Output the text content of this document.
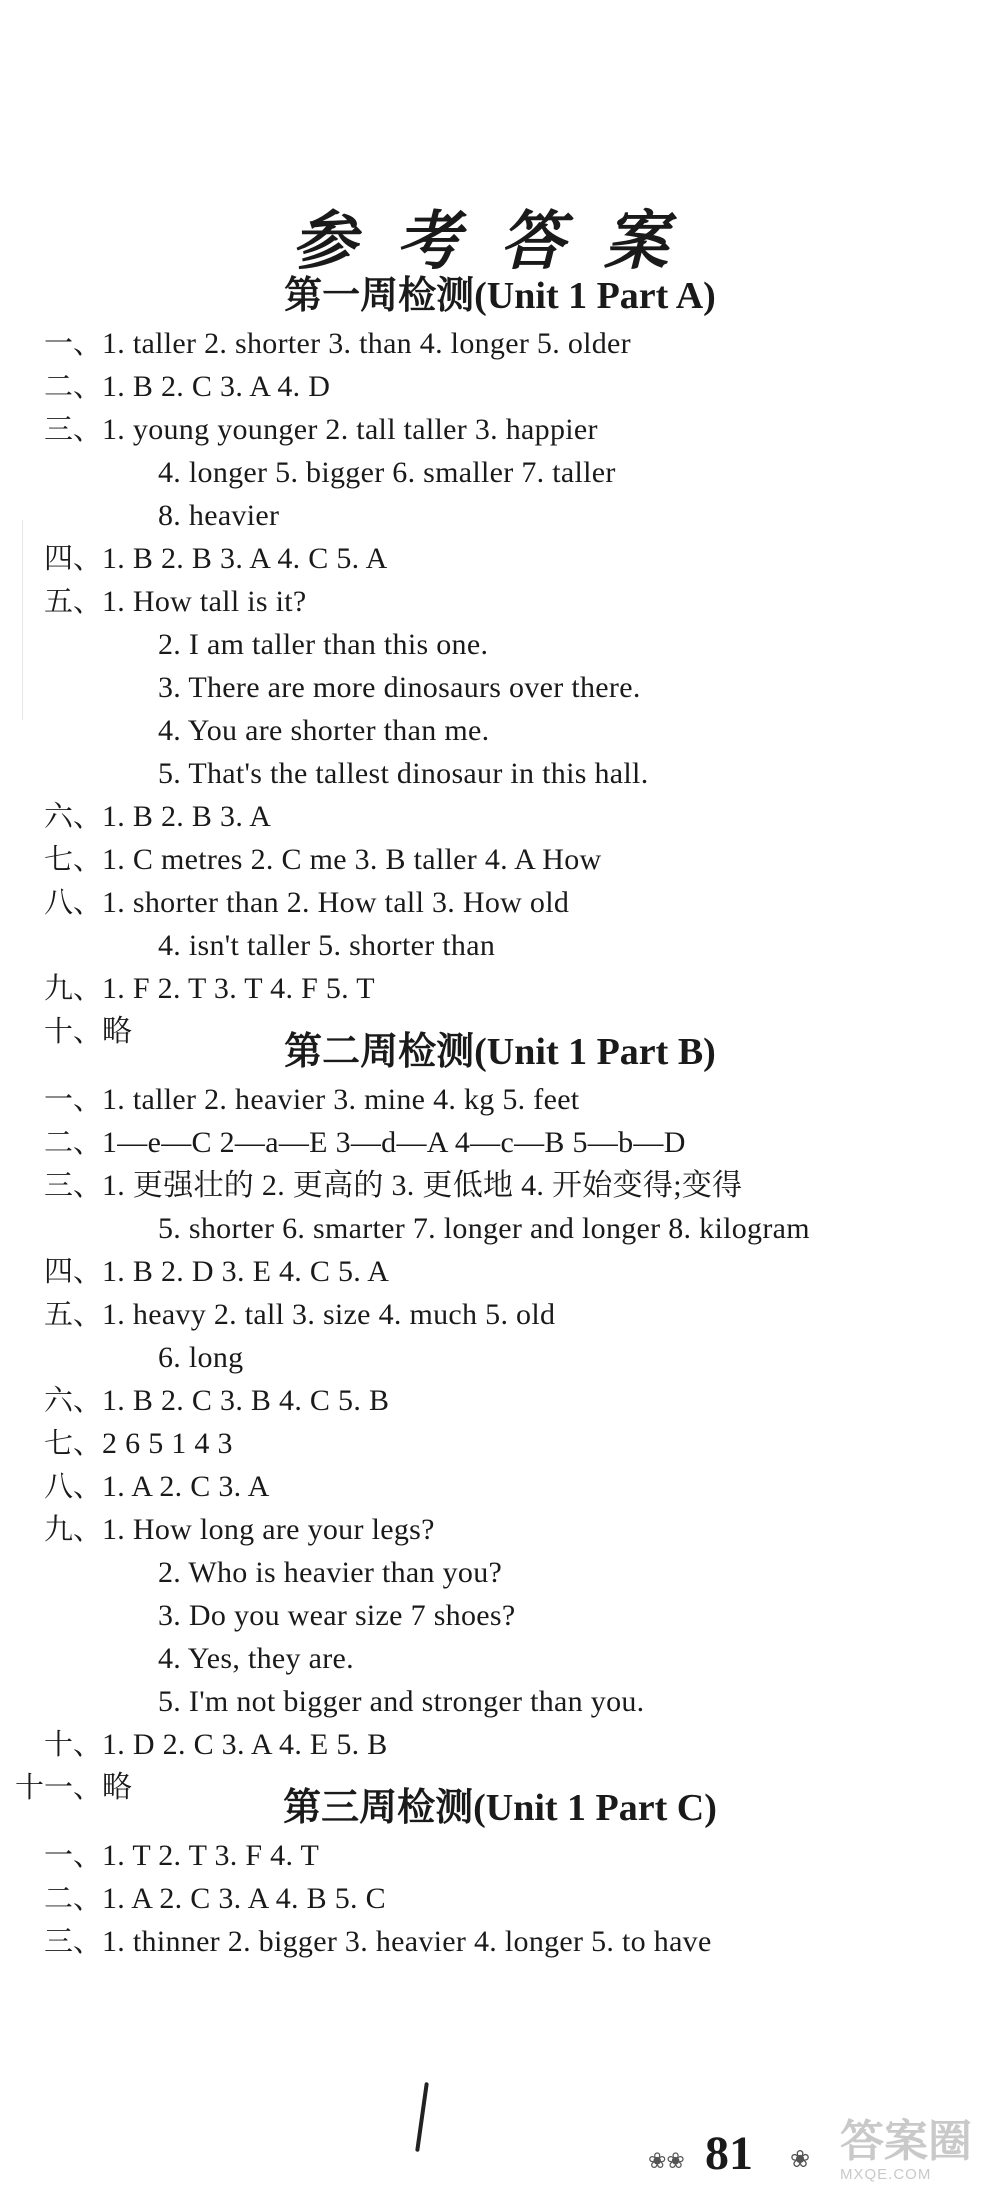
参考答案
第一周检测(Unit 1 Part A)
一、 1. taller 2. shorter 3. than 4. longer 5. older
二、 1. B 2. C 3. A 4. D
三、 1. young younger 2. tall taller 3. happier
4. longer 5. bigger 6. smaller 7. taller
8. heavier
四、 1. B 2. B 3. A 4. C 5. A
五、 1. How tall is it?
2. I am taller than this one.
3. There are more dinosaurs over there.
4. You are shorter than me.
5. That's the tallest dinosaur in this hall.
六、 1. B 2. B 3. A
七、 1. C metres 2. C me 3. B taller 4. A How
八、 1. shorter than 2. How tall 3. How old
4. isn't taller 5. shorter than
九、 1. F 2. T 3. T 4. F 5. T
十、 略	第二周检测(Unit 1 Part B)
一、 1. taller 2. heavier 3. mine 4. kg 5. feet
二、 1—e—C 2—a—E 3—d—A 4—c—B 5—b—D
三、 1. 更强壮的 2. 更高的 3. 更低地 4. 开始变得;变得
5. shorter 6. smarter 7. longer and longer 8. kilogram
四、 1. B 2. D 3. E 4. C 5. A
五、 1. heavy 2. tall 3. size 4. much 5. old
6. long
六、 1. B 2. C 3. B 4. C 5. B
七、 2 6 5 1 4 3
八、 1. A 2. C 3. A
九、 1. How long are your legs?
2. Who is heavier than you?
3. Do you wear size 7 shoes?
4. Yes, they are.
5. I'm not bigger and stronger than you.
十、 1. D 2. C 3. A 4. E 5. B
十一、 略	第三周检测(Unit 1 Part C)
一、 1. T 2. T 3. F 4. T
二、 1. A 2. C 3. A 4. B 5. C
三、 1. thinner 2. bigger 3. heavier 4. longer 5. to have
❀❀ 81 ❀ 答案圈
MXQE.COM
